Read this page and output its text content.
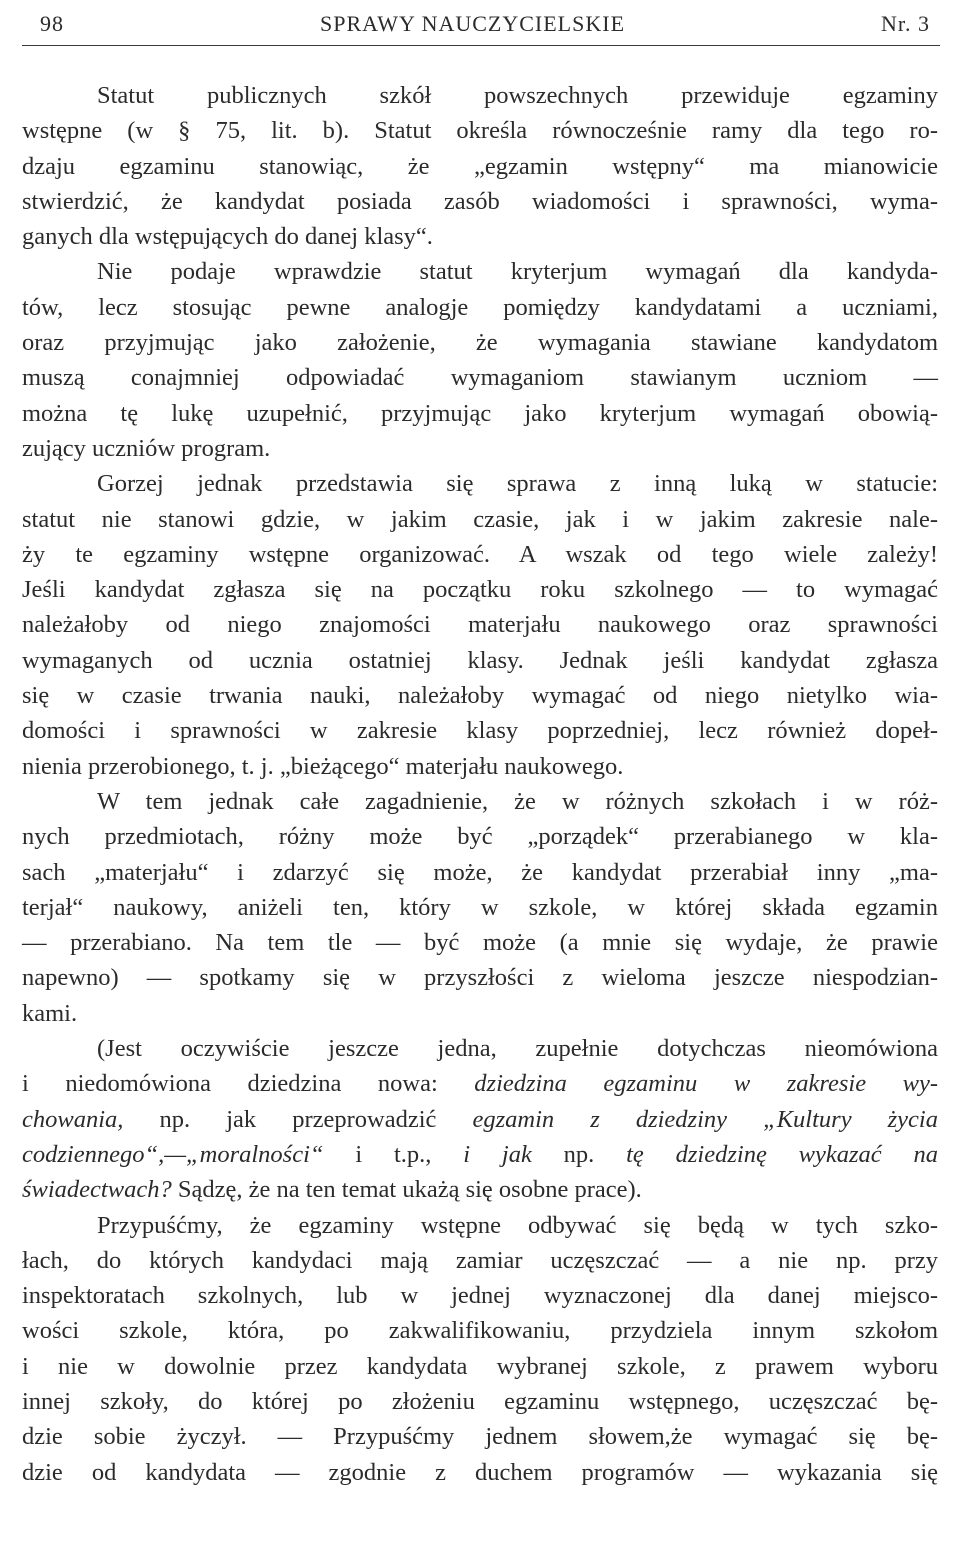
98	SPRAWY NAUCZYCIELSKIE	Nr. 3
Statut publicznych szkół powszechnych przewiduje egzaminy
wstępne (w § 75, lit. b). Statut określa równocześnie ramy dla tego ro-
dzaju egzaminu stanowiąc, że „egzamin wstępny“ ma mianowicie
stwierdzić, że kandydat posiada zasób wiadomości i sprawności, wyma-
ganych dla wstępujących do danej klasy“.
Nie podaje wprawdzie statut kryterjum wymagań dla kandyda-
tów, lecz stosując pewne analogje pomiędzy kandydatami a uczniami,
oraz przyjmując jako założenie, że wymagania stawiane kandydatom
muszą conajmniej odpowiadać wymaganiom stawianym uczniom —
można tę lukę uzupełnić, przyjmując jako kryterjum wymagań obowią-
zujący uczniów program.
Gorzej jednak przedstawia się sprawa z inną luką w statucie:
statut nie stanowi gdzie, w jakim czasie, jak i w jakim zakresie nale-
ży te egzaminy wstępne organizować. A wszak od tego wiele zależy!
Jeśli kandydat zgłasza się na początku roku szkolnego — to wymagać
należałoby od niego znajomości materjału naukowego oraz sprawności
wymaganych od ucznia ostatniej klasy. Jednak jeśli kandydat zgłasza
się w czasie trwania nauki, należałoby wymagać od niego nietylko wia-
domości i sprawności w zakresie klasy poprzedniej, lecz również dopeł-
nienia przerobionego, t. j. „bieżącego“ materjału naukowego.
W tem jednak całe zagadnienie, że w różnych szkołach i w róż-
nych przedmiotach, różny może być „porządek“ przerabianego w kla-
sach „materjału“ i zdarzyć się może, że kandydat przerabiał inny „ma-
terjał“ naukowy, aniżeli ten, który w szkole, w której składa egzamin
— przerabiano. Na tem tle — być może (a mnie się wydaje, że prawie
napewno) — spotkamy się w przyszłości z wieloma jeszcze niespodzian-
kami.
(Jest oczywiście jeszcze jedna, zupełnie dotychczas nieomówiona
i niedomówiona dziedzina nowa: dziedzina egzaminu w zakresie wy-
chowania, np. jak przeprowadzić egzamin z dziedziny „Kultury życia
codziennego“,—„moralności“ i t.p., i jak np. tę dziedzinę wykazać na
świadectwach? Sądzę, że na ten temat ukażą się osobne prace).
Przypuśćmy, że egzaminy wstępne odbywać się będą w tych szko-
łach, do których kandydaci mają zamiar uczęszczać — a nie np. przy
inspektoratach szkolnych, lub w jednej wyznaczonej dla danej miejsco-
wości szkole, która, po zakwalifikowaniu, przydziela innym szkołom
i nie w dowolnie przez kandydata wybranej szkole, z prawem wyboru
innej szkoły, do której po złożeniu egzaminu wstępnego, uczęszczać bę-
dzie sobie życzył. — Przypuśćmy jednem słowem,że wymagać się bę-
dzie od kandydata — zgodnie z duchem programów — wykazania się
